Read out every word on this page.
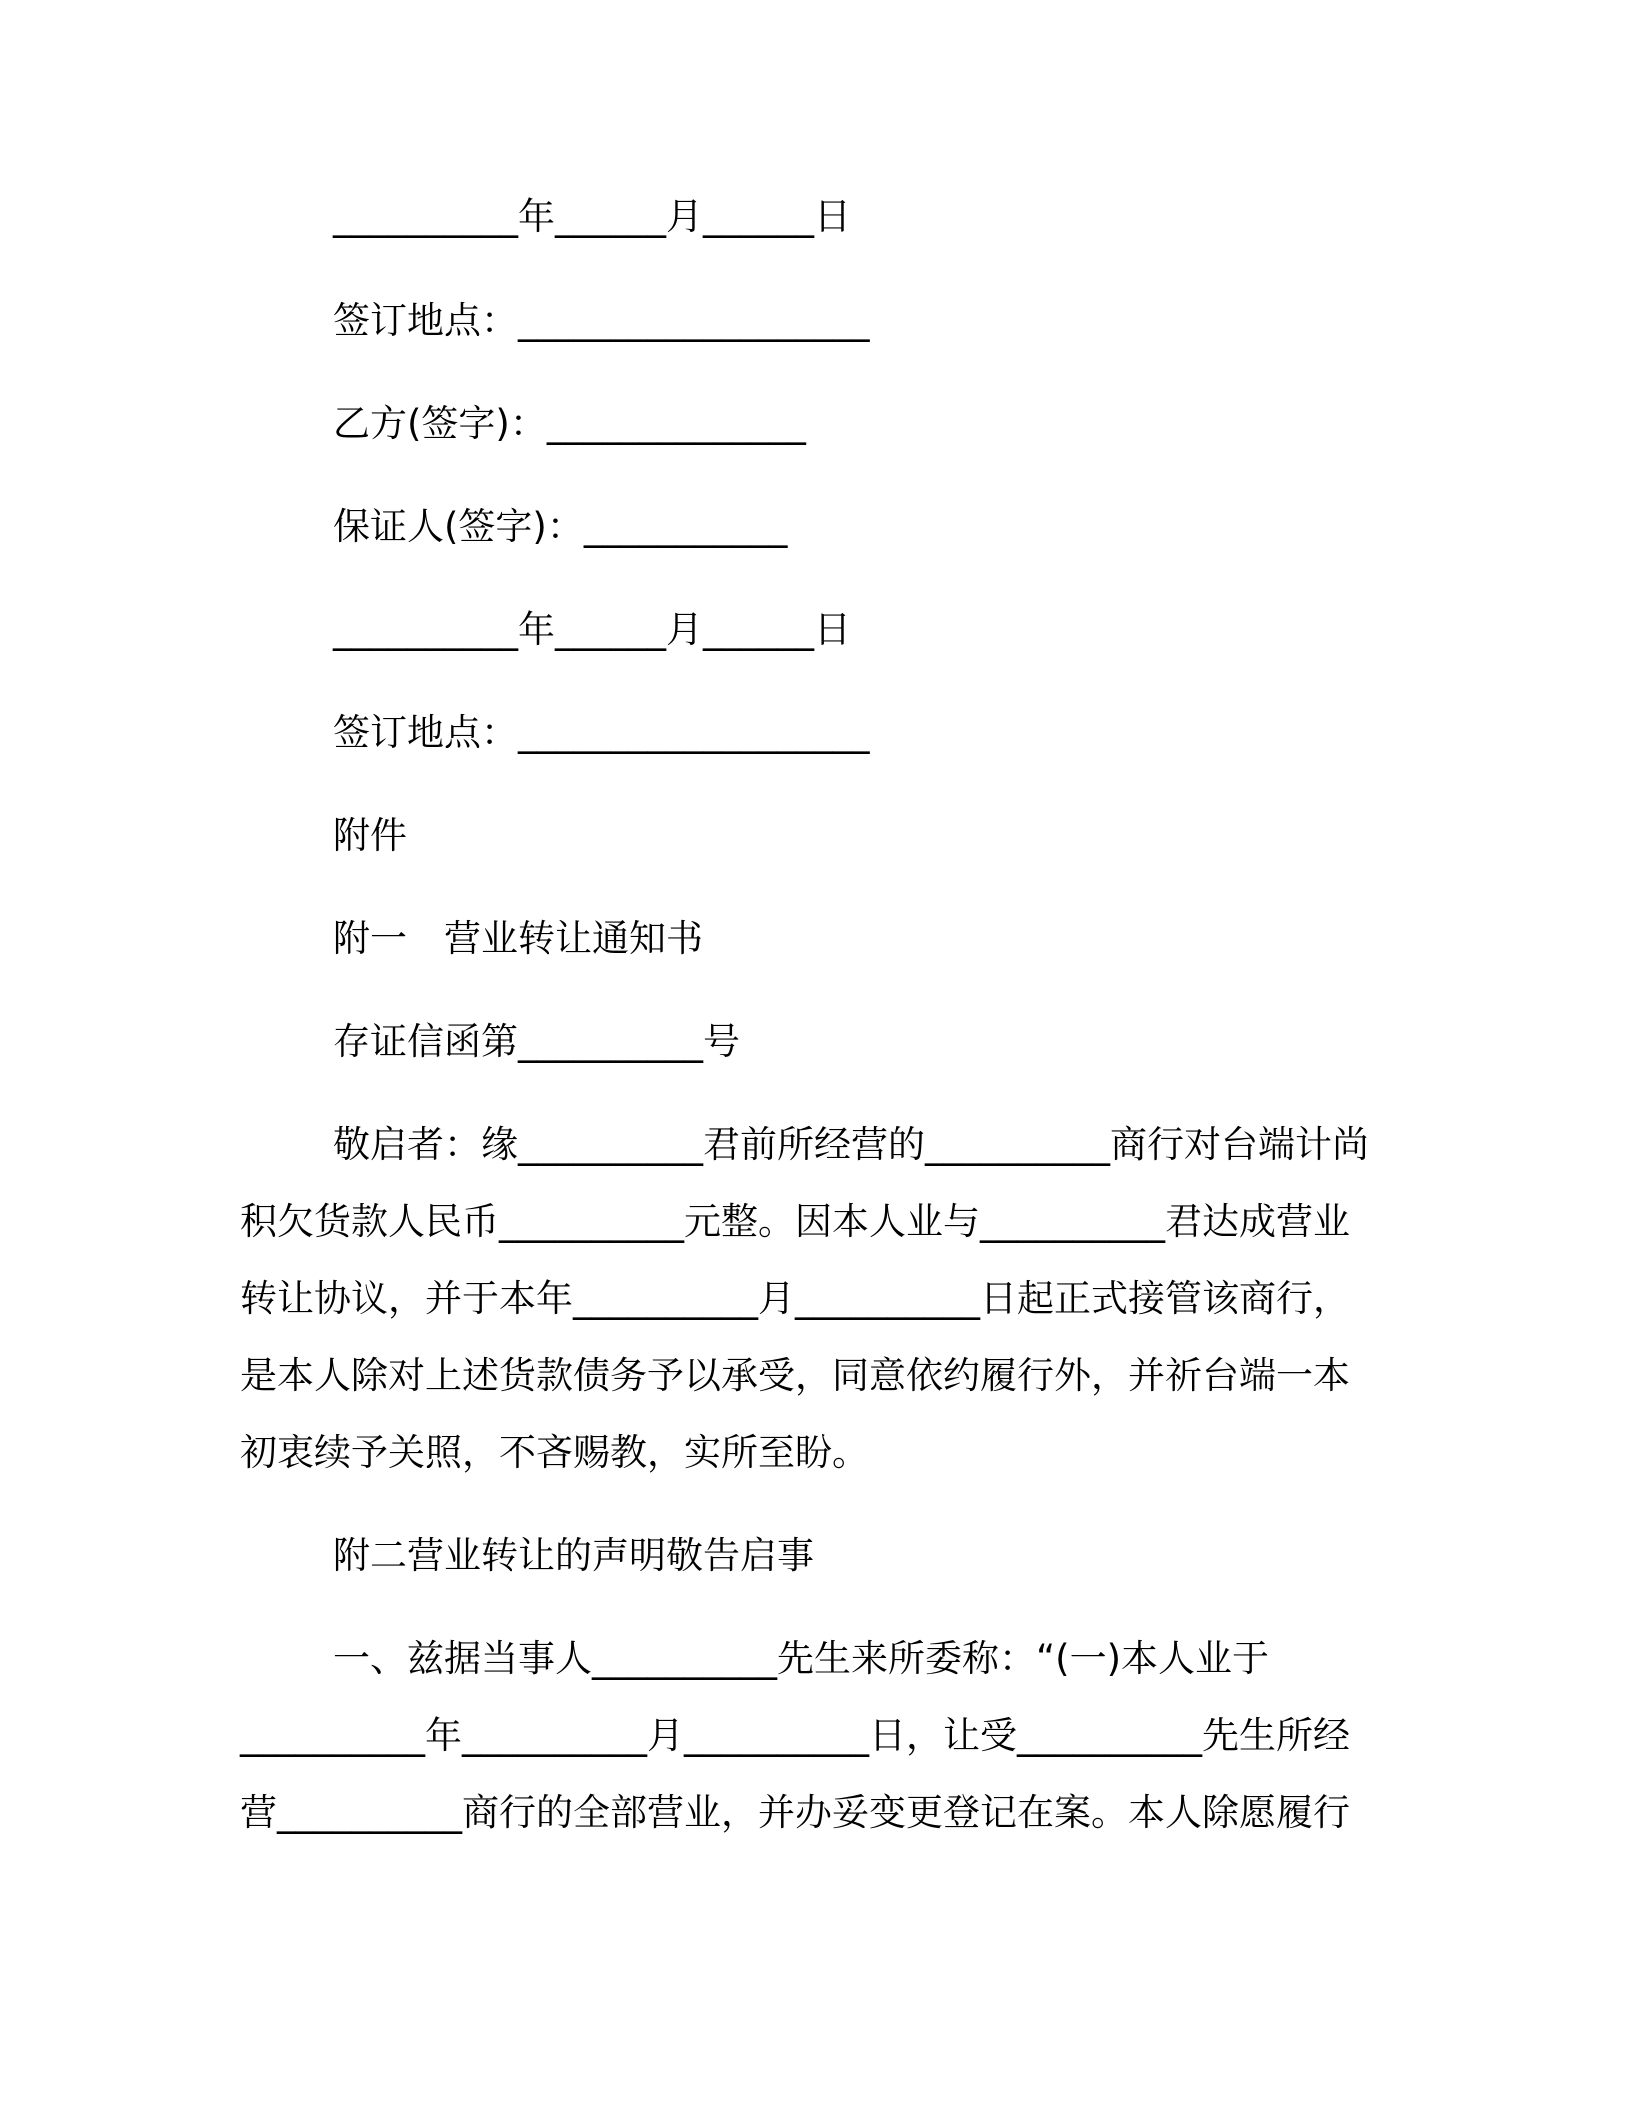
__________年______月______日
签订地点：___________________
乙方(签字)：______________
保证人(签字)：___________
__________年______月______日
签订地点：___________________
附件
附一　营业转让通知书
存证信函第__________号
敬启者：缘__________君前所经营的__________商行对台端计尚
积欠货款人民币__________元整。因本人业与__________君达成营业
转让协议，并于本年__________月__________日起正式接管该商行，
是本人除对上述货款债务予以承受，同意依约履行外，并祈台端一本
初衷续予关照，不吝赐教，实所至盼。
附二营业转让的声明敬告启事
一、兹据当事人__________先生来所委称：“(一)本人业于
__________年__________月__________日，让受__________先生所经
营__________商行的全部营业，并办妥变更登记在案。本人除愿履行
